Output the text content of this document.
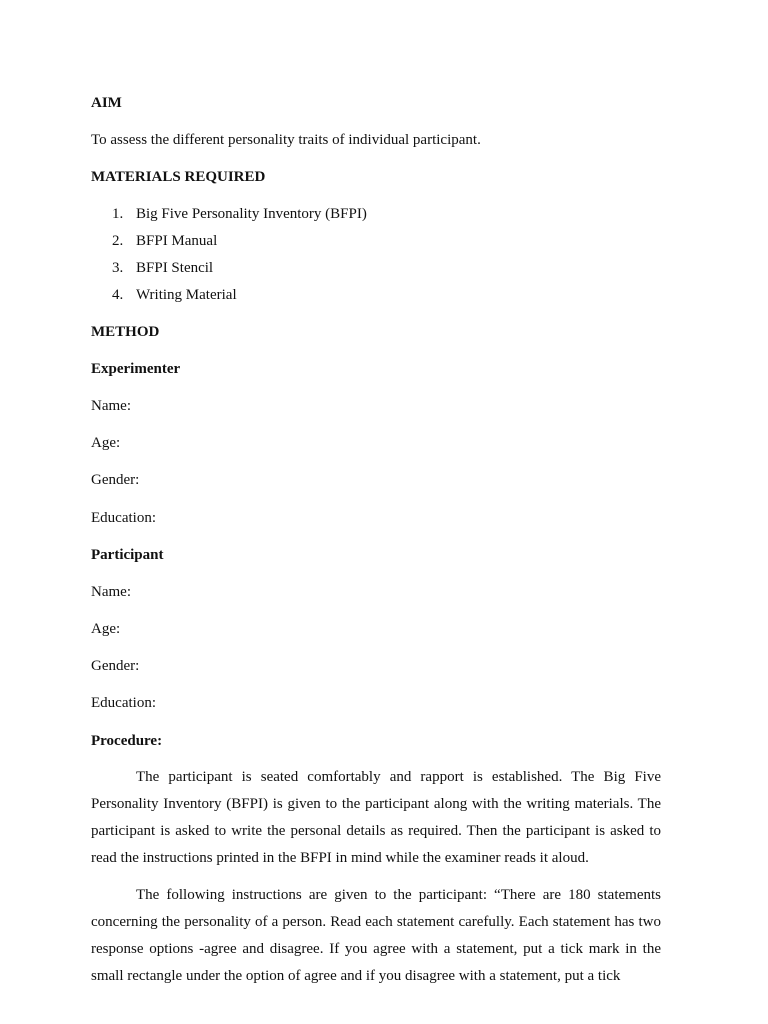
AIM
To assess the different personality traits of individual participant.
MATERIALS REQUIRED
1. Big Five Personality Inventory (BFPI)
2. BFPI Manual
3. BFPI Stencil
4. Writing Material
METHOD
Experimenter
Name:
Age:
Gender:
Education:
Participant
Name:
Age:
Gender:
Education:
Procedure:
The participant is seated comfortably and rapport is established. The Big Five Personality Inventory (BFPI) is given to the participant along with the writing materials. The participant is asked to write the personal details as required. Then the participant is asked to read the instructions printed in the BFPI in mind while the examiner reads it aloud.
The following instructions are given to the participant: “There are 180 statements concerning the personality of a person. Read each statement carefully. Each statement has two response options -agree and disagree. If you agree with a statement, put a tick mark in the small rectangle under the option of agree and if you disagree with a statement, put a tick
